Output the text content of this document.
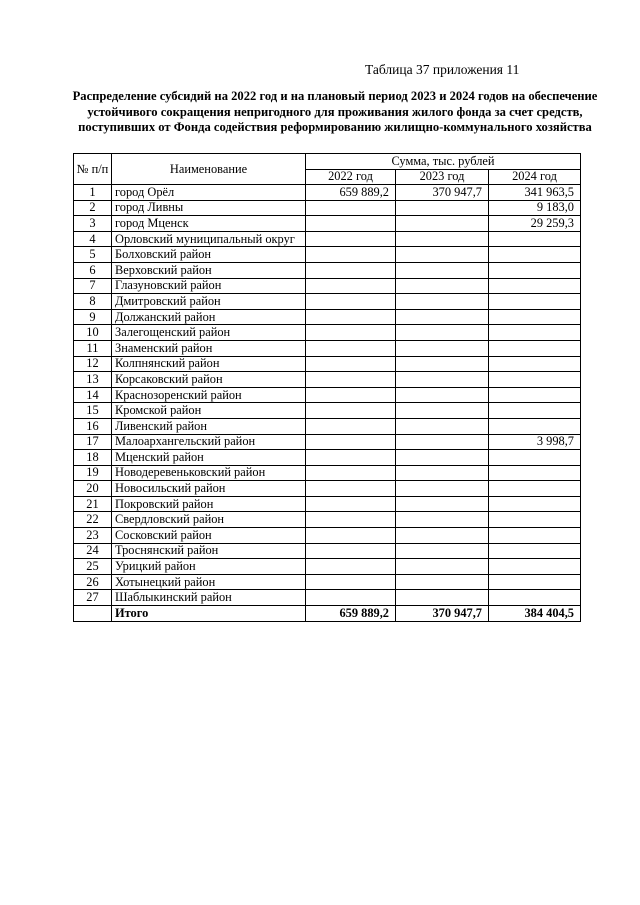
Таблица 37 приложения 11
Распределение субсидий на 2022 год и на плановый период 2023 и 2024 годов на обеспечение устойчивого сокращения непригодного для проживания жилого фонда за счет средств, поступивших от Фонда содействия реформированию жилищно-коммунального хозяйства
№ п/п	Наименование	Сумма, тыс. рублей		
		2022 год	2023 год	2024 год
1	город Орёл	659 889,2	370 947,7	341 963,5
2	город Ливны			9 183,0
3	город Мценск			29 259,3
4	Орловский муниципальный округ			
5	Болховский район			
6	Верховский район			
7	Глазуновский район			
8	Дмитровский район			
9	Должанский район			
10	Залегощенский район			
11	Знаменский район			
12	Колпнянский район			
13	Корсаковский район			
14	Краснозоренский район			
15	Кромской район			
16	Ливенский район			
17	Малоархангельский район			3 998,7
18	Мценский район			
19	Новодеревеньковский район			
20	Новосильский район			
21	Покровский район			
22	Свердловский район			
23	Сосковский район			
24	Троснянский район			
25	Урицкий район			
26	Хотынецкий район			
27	Шаблыкинский район			
	Итого	659 889,2	370 947,7	384 404,5
